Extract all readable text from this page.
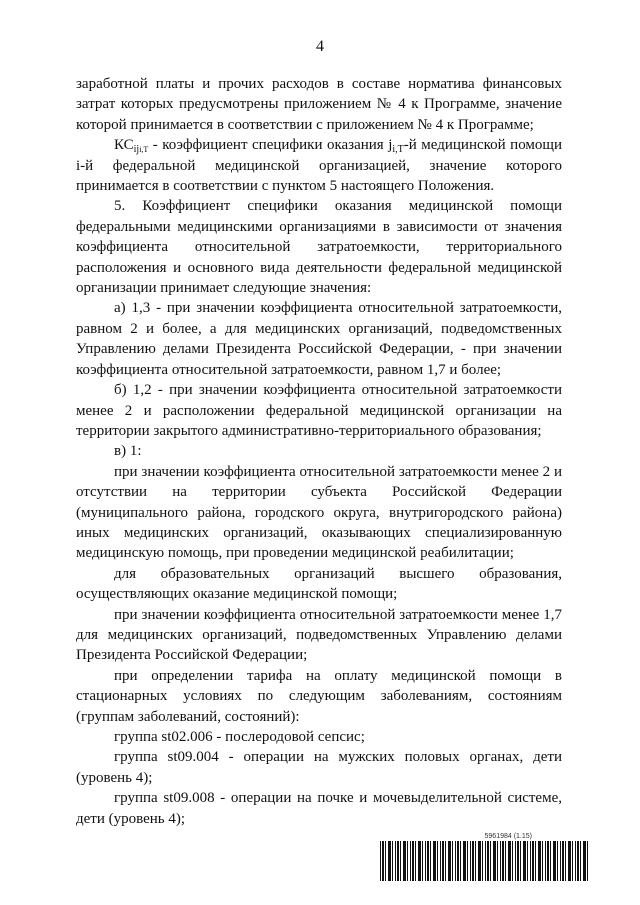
4

заработной платы и прочих расходов в составе норматива финансовых затрат которых предусмотрены приложением № 4 к Программе, значение которой принимается в соответствии с приложением № 4 к Программе;

$КС_{iji,T}$ - коэффициент специфики оказания $j_{i,T}-й$ медицинской помощи i-й федеральной медицинской организацией, значение которого принимается в соответствии с пунктом 5 настоящего Положения.

5. Коэффициент специфики оказания медицинской помощи федеральными медицинскими организациями в зависимости от значения коэффициента относительной затратоемкости, территориального расположения и основного вида деятельности федеральной медицинской организации принимает следующие значения:

а) 1,3 - при значении коэффициента относительной затратоемкости, равном 2 и более, а для медицинских организаций, подведомственных Управлению делами Президента Российской Федерации, - при значении коэффициента относительной затратоемкости, равном 1,7 и более;

б) 1,2 - при значении коэффициента относительной затратоемкости менее 2 и расположении федеральной медицинской организации на территории закрытого административно-территориального образования;

в) 1:

при значении коэффициента относительной затратоемкости менее 2 и отсутствии на территории субъекта Российской Федерации (муниципального района, городского округа, внутригородского района) иных медицинских организаций, оказывающих специализированную медицинскую помощь, при проведении медицинской реабилитации;

для образовательных организаций высшего образования, осуществляющих оказание медицинской помощи;

при значении коэффициента относительной затратоемкости менее 1,7 для медицинских организаций, подведомственных Управлению делами Президента Российской Федерации;

при определении тарифа на оплату медицинской помощи в стационарных условиях по следующим заболеваниям, состояниям (группам заболеваний, состояний):

группа st02.006 - послеродовой сепсис;

группа st09.004 - операции на мужских половых органах, дети (уровень 4);

группа st09.008 - операции на почке и мочевыделительной системе, дети (уровень 4);

5961984 (1.15)
